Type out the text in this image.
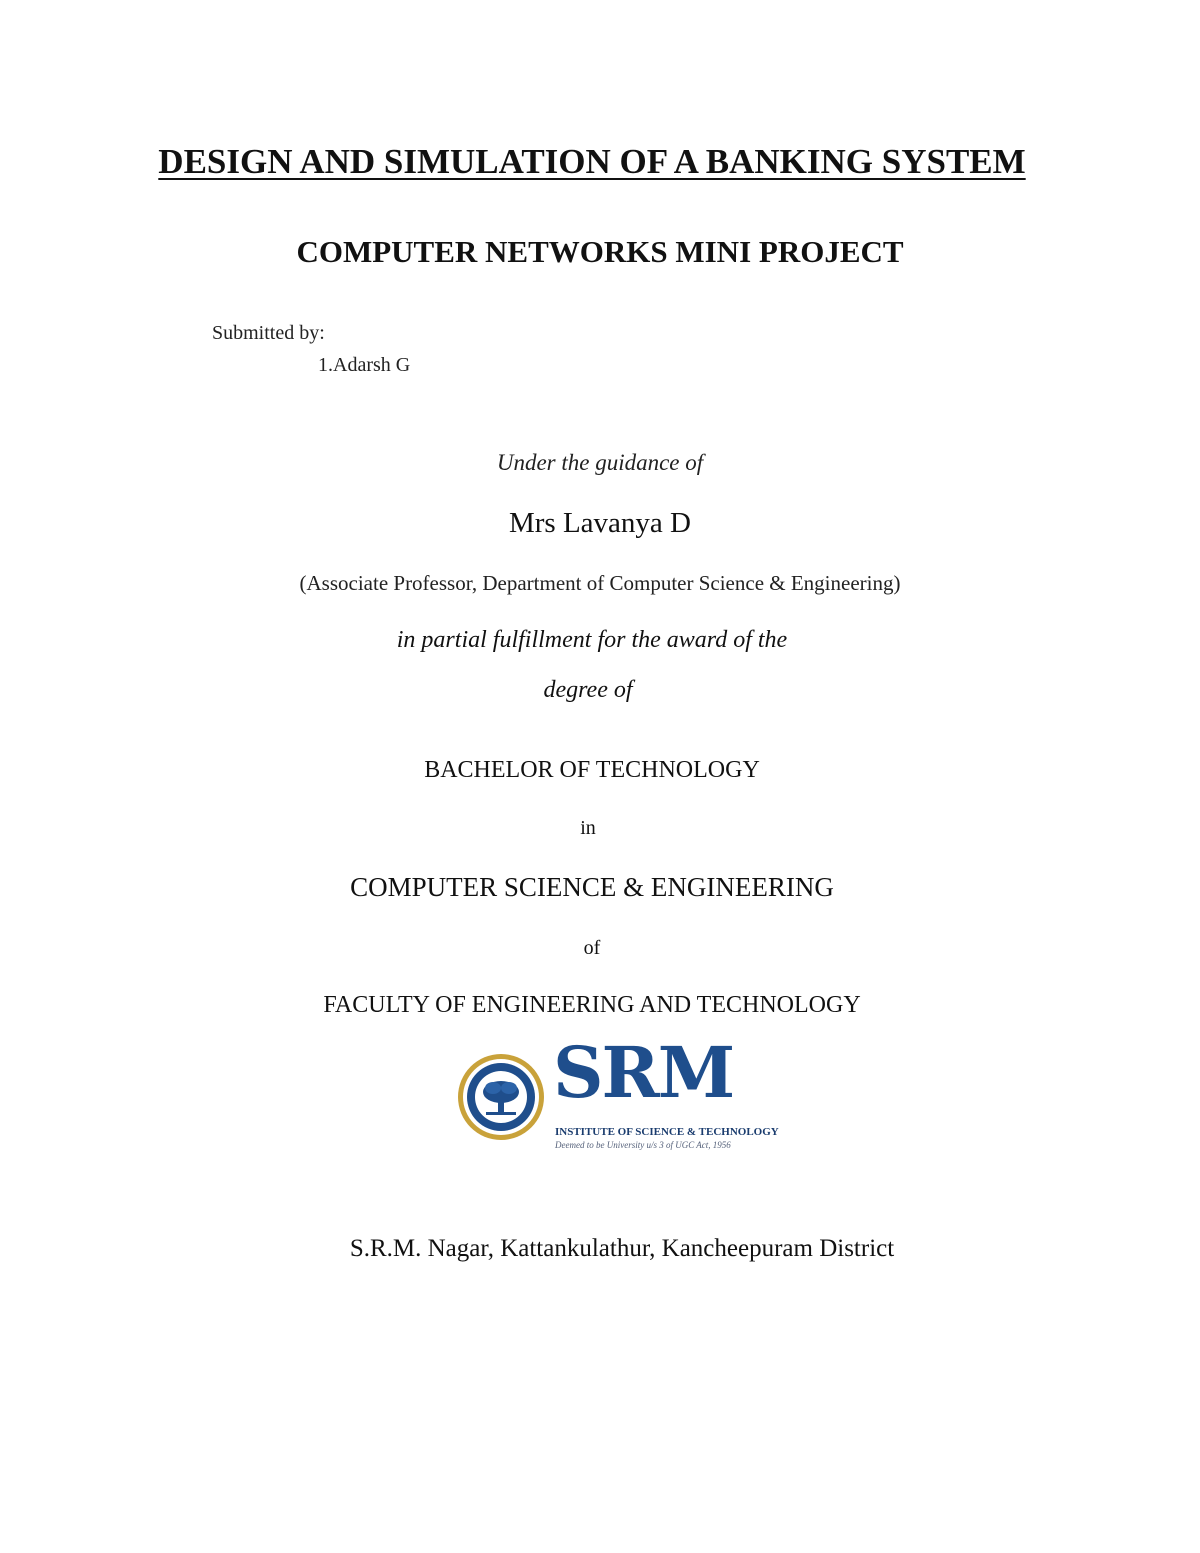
DESIGN AND SIMULATION OF A BANKING SYSTEM
COMPUTER NETWORKS MINI PROJECT
Submitted by:
1.Adarsh G

Under the guidance of

Mrs Lavanya D

(Associate Professor, Department of Computer Science & Engineering)

in partial fulfillment for the award of the

degree of

BACHELOR OF TECHNOLOGY

in

COMPUTER SCIENCE & ENGINEERING

of

FACULTY OF ENGINEERING AND TECHNOLOGY

SRM
INSTITUTE OF SCIENCE & TECHNOLOGY
Deemed to be University u/s 3 of UGC Act, 1956

S.R.M. Nagar, Kattankulathur, Kancheepuram District
